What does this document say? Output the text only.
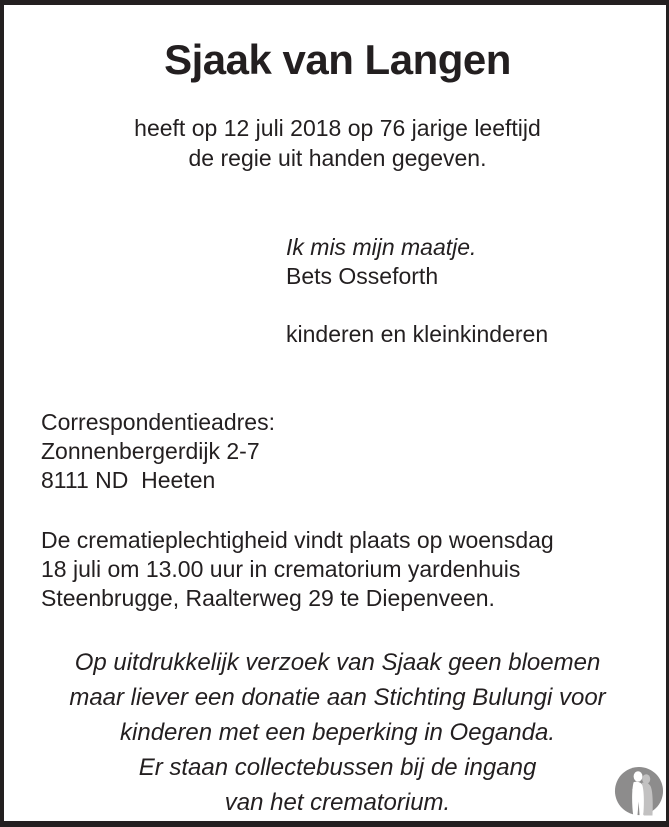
Sjaak van Langen
heeft op 12 juli 2018 op 76 jarige leeftijd
de regie uit handen gegeven.
Ik mis mijn maatje.
Bets Osseforth
kinderen en kleinkinderen
Correspondentieadres:
Zonnenbergerdijk 2-7
8111 ND  Heeten
De crematieplechtigheid vindt plaats op woensdag
18 juli om 13.00 uur in crematorium yardenhuis
Steenbrugge, Raalterweg 29 te Diepenveen.
Op uitdrukkelijk verzoek van Sjaak geen bloemen
maar liever een donatie aan Stichting Bulungi voor
kinderen met een beperking in Oeganda.
Er staan collectebussen bij de ingang
van het crematorium.
